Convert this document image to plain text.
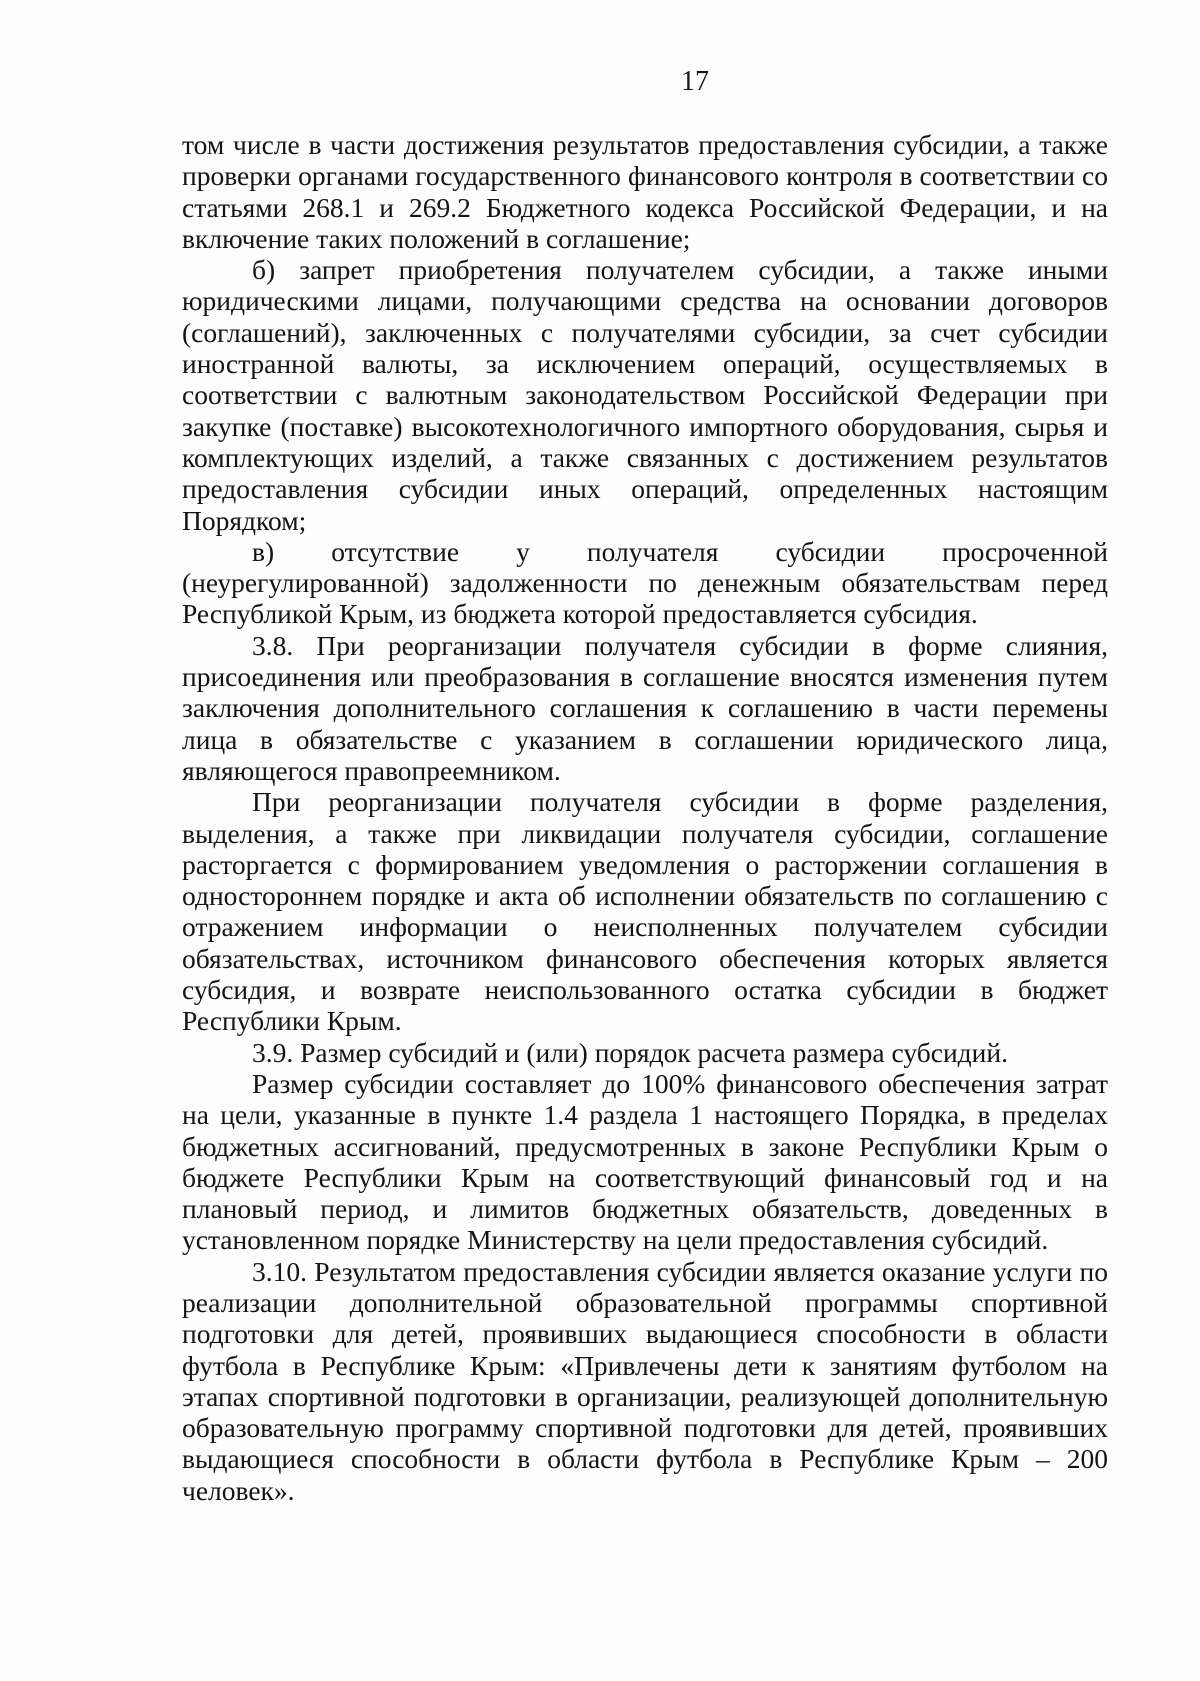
17

том числе в части достижения результатов предоставления субсидии, а также проверки органами государственного финансового контроля в соответствии со статьями 268.1 и 269.2 Бюджетного кодекса Российской Федерации, и на включение таких положений в соглашение;

б) запрет приобретения получателем субсидии, а также иными юридическими лицами, получающими средства на основании договоров (соглашений), заключенных с получателями субсидии, за счет субсидии иностранной валюты, за исключением операций, осуществляемых в соответствии с валютным законодательством Российской Федерации при закупке (поставке) высокотехнологичного импортного оборудования, сырья и комплектующих изделий, а также связанных с достижением результатов предоставления субсидии иных операций, определенных настоящим Порядком;

в) отсутствие у получателя субсидии просроченной (неурегулированной) задолженности по денежным обязательствам перед Республикой Крым, из бюджета которой предоставляется субсидия.

3.8. При реорганизации получателя субсидии в форме слияния, присоединения или преобразования в соглашение вносятся изменения путем заключения дополнительного соглашения к соглашению в части перемены лица в обязательстве с указанием в соглашении юридического лица, являющегося правопреемником.

При реорганизации получателя субсидии в форме разделения, выделения, а также при ликвидации получателя субсидии, соглашение расторгается с формированием уведомления о расторжении соглашения в одностороннем порядке и акта об исполнении обязательств по соглашению с отражением информации о неисполненных получателем субсидии обязательствах, источником финансового обеспечения которых является субсидия, и возврате неиспользованного остатка субсидии в бюджет Республики Крым.

3.9. Размер субсидий и (или) порядок расчета размера субсидий.

Размер субсидии составляет до 100% финансового обеспечения затрат на цели, указанные в пункте 1.4 раздела 1 настоящего Порядка, в пределах бюджетных ассигнований, предусмотренных в законе Республики Крым о бюджете Республики Крым на соответствующий финансовый год и на плановый период, и лимитов бюджетных обязательств, доведенных в установленном порядке Министерству на цели предоставления субсидий.

3.10. Результатом предоставления субсидии является оказание услуги по реализации дополнительной образовательной программы спортивной подготовки для детей, проявивших выдающиеся способности в области футбола в Республике Крым: «Привлечены дети к занятиям футболом на этапах спортивной подготовки в организации, реализующей дополнительную образовательную программу спортивной подготовки для детей, проявивших выдающиеся способности в области футбола в Республике Крым – 200 человек».
